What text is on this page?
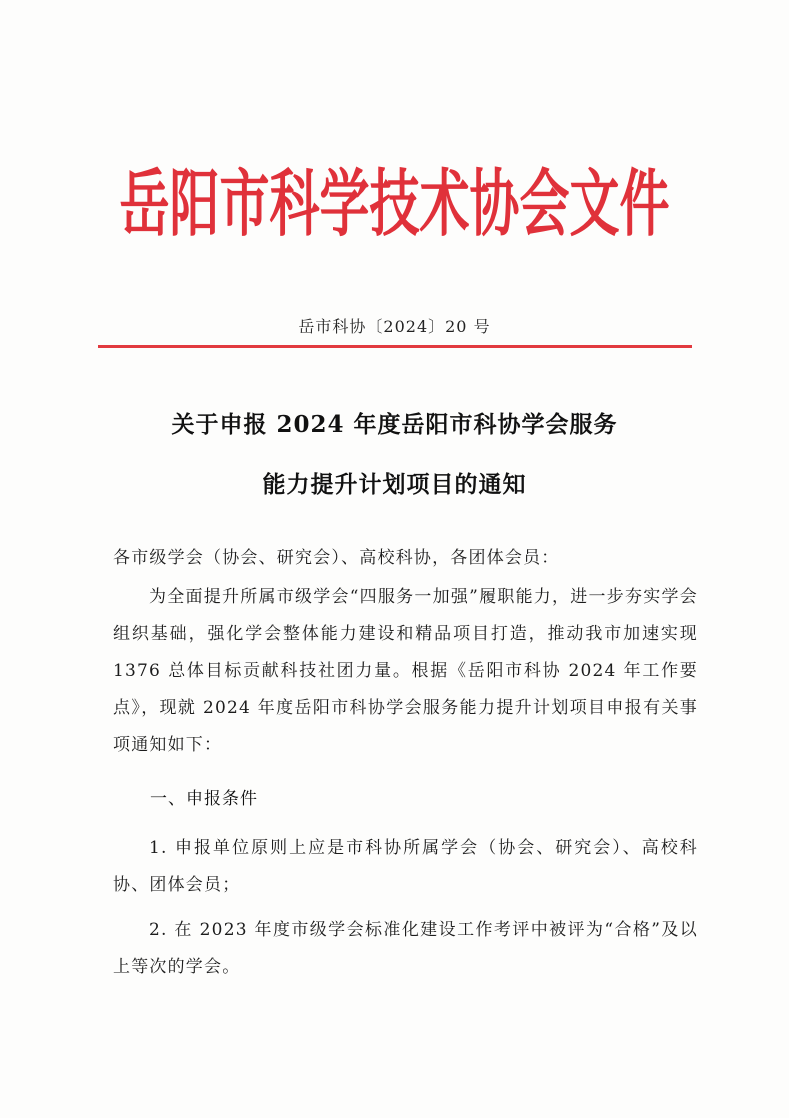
岳阳市科学技术协会文件
岳市科协〔2024〕20 号
关于申报 2024 年度岳阳市科协学会服务
能力提升计划项目的通知

各市级学会（协会、研究会）、高校科协，各团体会员：

为全面提升所属市级学会“四服务一加强”履职能力，进一步夯实学会组织基础，强化学会整体能力建设和精品项目打造，推动我市加速实现 1376 总体目标贡献科技社团力量。根据《岳阳市科协 2024 年工作要点》，现就 2024 年度岳阳市科协学会服务能力提升计划项目申报有关事项通知如下：

一、申报条件

1. 申报单位原则上应是市科协所属学会（协会、研究会）、高校科协、团体会员；

2. 在 2023 年度市级学会标准化建设工作考评中被评为“合格”及以上等次的学会。
